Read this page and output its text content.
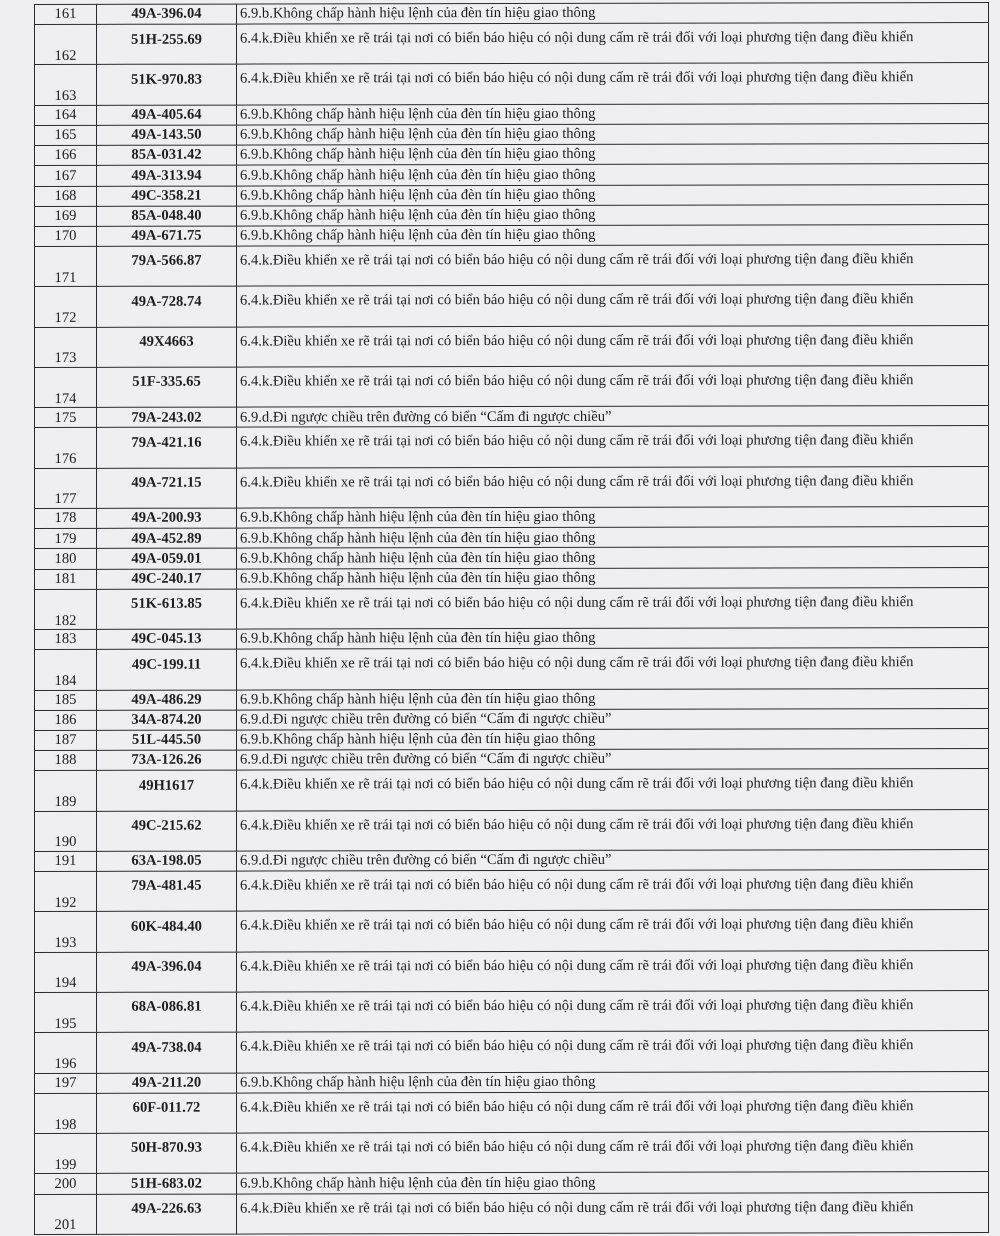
161	49A-396.04	6.9.b.Không chấp hành hiệu lệnh của đèn tín hiệu giao thông
162	51H-255.69	6.4.k.Điều khiển xe rẽ trái tại nơi có biển báo hiệu có nội dung cấm rẽ trái đối với loại phương tiện đang điều khiển
163	51K-970.83	6.4.k.Điều khiển xe rẽ trái tại nơi có biển báo hiệu có nội dung cấm rẽ trái đối với loại phương tiện đang điều khiển
164	49A-405.64	6.9.b.Không chấp hành hiệu lệnh của đèn tín hiệu giao thông
165	49A-143.50	6.9.b.Không chấp hành hiệu lệnh của đèn tín hiệu giao thông
166	85A-031.42	6.9.b.Không chấp hành hiệu lệnh của đèn tín hiệu giao thông
167	49A-313.94	6.9.b.Không chấp hành hiệu lệnh của đèn tín hiệu giao thông
168	49C-358.21	6.9.b.Không chấp hành hiệu lệnh của đèn tín hiệu giao thông
169	85A-048.40	6.9.b.Không chấp hành hiệu lệnh của đèn tín hiệu giao thông
170	49A-671.75	6.9.b.Không chấp hành hiệu lệnh của đèn tín hiệu giao thông
171	79A-566.87	6.4.k.Điều khiển xe rẽ trái tại nơi có biển báo hiệu có nội dung cấm rẽ trái đối với loại phương tiện đang điều khiển
172	49A-728.74	6.4.k.Điều khiển xe rẽ trái tại nơi có biển báo hiệu có nội dung cấm rẽ trái đối với loại phương tiện đang điều khiển
173	49X4663	6.4.k.Điều khiển xe rẽ trái tại nơi có biển báo hiệu có nội dung cấm rẽ trái đối với loại phương tiện đang điều khiển
174	51F-335.65	6.4.k.Điều khiển xe rẽ trái tại nơi có biển báo hiệu có nội dung cấm rẽ trái đối với loại phương tiện đang điều khiển
175	79A-243.02	6.9.d.Đi ngược chiều trên đường có biển “Cấm đi ngược chiều”
176	79A-421.16	6.4.k.Điều khiển xe rẽ trái tại nơi có biển báo hiệu có nội dung cấm rẽ trái đối với loại phương tiện đang điều khiển
177	49A-721.15	6.4.k.Điều khiển xe rẽ trái tại nơi có biển báo hiệu có nội dung cấm rẽ trái đối với loại phương tiện đang điều khiển
178	49A-200.93	6.9.b.Không chấp hành hiệu lệnh của đèn tín hiệu giao thông
179	49A-452.89	6.9.b.Không chấp hành hiệu lệnh của đèn tín hiệu giao thông
180	49A-059.01	6.9.b.Không chấp hành hiệu lệnh của đèn tín hiệu giao thông
181	49C-240.17	6.9.b.Không chấp hành hiệu lệnh của đèn tín hiệu giao thông
182	51K-613.85	6.4.k.Điều khiển xe rẽ trái tại nơi có biển báo hiệu có nội dung cấm rẽ trái đối với loại phương tiện đang điều khiển
183	49C-045.13	6.9.b.Không chấp hành hiệu lệnh của đèn tín hiệu giao thông
184	49C-199.11	6.4.k.Điều khiển xe rẽ trái tại nơi có biển báo hiệu có nội dung cấm rẽ trái đối với loại phương tiện đang điều khiển
185	49A-486.29	6.9.b.Không chấp hành hiệu lệnh của đèn tín hiệu giao thông
186	34A-874.20	6.9.d.Đi ngược chiều trên đường có biển “Cấm đi ngược chiều”
187	51L-445.50	6.9.b.Không chấp hành hiệu lệnh của đèn tín hiệu giao thông
188	73A-126.26	6.9.d.Đi ngược chiều trên đường có biển “Cấm đi ngược chiều”
189	49H1617	6.4.k.Điều khiển xe rẽ trái tại nơi có biển báo hiệu có nội dung cấm rẽ trái đối với loại phương tiện đang điều khiển
190	49C-215.62	6.4.k.Điều khiển xe rẽ trái tại nơi có biển báo hiệu có nội dung cấm rẽ trái đối với loại phương tiện đang điều khiển
191	63A-198.05	6.9.d.Đi ngược chiều trên đường có biển “Cấm đi ngược chiều”
192	79A-481.45	6.4.k.Điều khiển xe rẽ trái tại nơi có biển báo hiệu có nội dung cấm rẽ trái đối với loại phương tiện đang điều khiển
193	60K-484.40	6.4.k.Điều khiển xe rẽ trái tại nơi có biển báo hiệu có nội dung cấm rẽ trái đối với loại phương tiện đang điều khiển
194	49A-396.04	6.4.k.Điều khiển xe rẽ trái tại nơi có biển báo hiệu có nội dung cấm rẽ trái đối với loại phương tiện đang điều khiển
195	68A-086.81	6.4.k.Điều khiển xe rẽ trái tại nơi có biển báo hiệu có nội dung cấm rẽ trái đối với loại phương tiện đang điều khiển
196	49A-738.04	6.4.k.Điều khiển xe rẽ trái tại nơi có biển báo hiệu có nội dung cấm rẽ trái đối với loại phương tiện đang điều khiển
197	49A-211.20	6.9.b.Không chấp hành hiệu lệnh của đèn tín hiệu giao thông
198	60F-011.72	6.4.k.Điều khiển xe rẽ trái tại nơi có biển báo hiệu có nội dung cấm rẽ trái đối với loại phương tiện đang điều khiển
199	50H-870.93	6.4.k.Điều khiển xe rẽ trái tại nơi có biển báo hiệu có nội dung cấm rẽ trái đối với loại phương tiện đang điều khiển
200	51H-683.02	6.9.b.Không chấp hành hiệu lệnh của đèn tín hiệu giao thông
201	49A-226.63	6.4.k.Điều khiển xe rẽ trái tại nơi có biển báo hiệu có nội dung cấm rẽ trái đối với loại phương tiện đang điều khiển
